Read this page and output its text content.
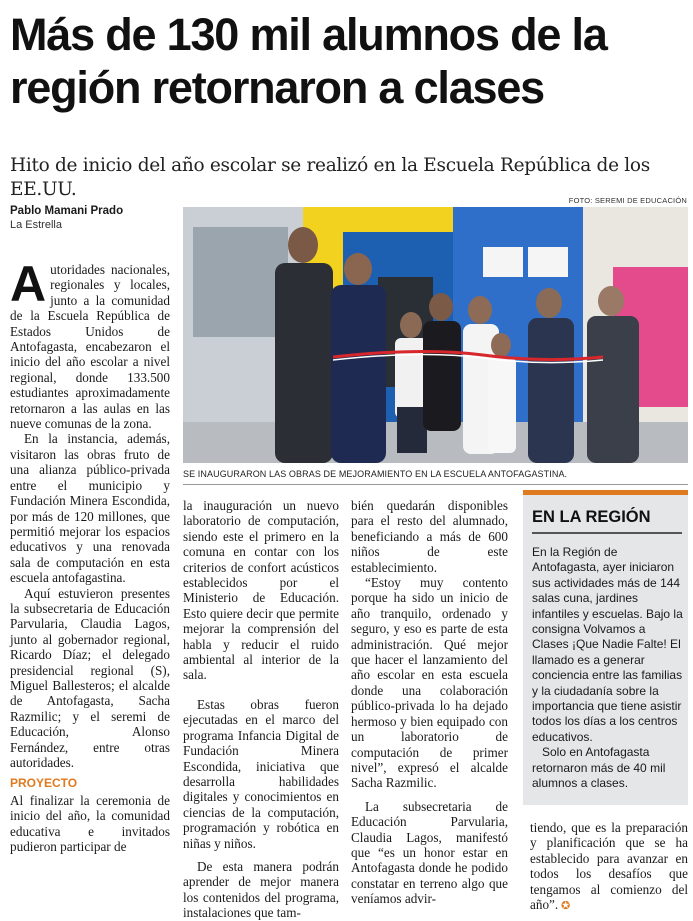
Más de 130 mil alumnos de la región retornaron a clases

Hito de inicio del año escolar se realizó en la Escuela República de los EE.UU.

Pablo Mamani Prado
La Estrella
FOTO: SEREMI DE EDUCACIÓN
SE INAUGURARON LAS OBRAS DE MEJORAMIENTO EN LA ESCUELA ANTOFAGASTINA.

Autoridades nacionales, regionales y locales, junto a la comunidad de la Escuela República de Estados Unidos de Antofagasta, encabezaron el inicio del año escolar a nivel regional, donde 133.500 estudiantes aproximadamente retornaron a las aulas en las nueve comunas de la zona.

En la instancia, además, visitaron las obras fruto de una alianza público-privada entre el municipio y Fundación Minera Escondida, por más de 120 millones, que permitió mejorar los espacios educativos y una renovada sala de computación en esta escuela antofagastina.

Aquí estuvieron presentes la subsecretaria de Educación Parvularia, Claudia Lagos, junto al gobernador regional, Ricardo Díaz; el delegado presidencial regional (S), Miguel Ballesteros; el alcalde de Antofagasta, Sacha Razmilic; y el seremi de Educación, Alonso Fernández, entre otras autoridades.

PROYECTO

Al finalizar la ceremonia de inicio del año, la comunidad educativa e invitados pudieron participar de

la inauguración un nuevo laboratorio de computación, siendo este el primero en la comuna en contar con los criterios de confort acústicos establecidos por el Ministerio de Educación. Esto quiere decir que permite mejorar la comprensión del habla y reducir el ruido ambiental al interior de la sala.

Estas obras fueron ejecutadas en el marco del programa Infancia Digital de Fundación Minera Escondida, iniciativa que desarrolla habilidades digitales y conocimientos en ciencias de la computación, programación y robótica en niñas y niños.

De esta manera podrán aprender de mejor manera los contenidos del programa, instalaciones que tam-

bién quedarán disponibles para el resto del alumnado, beneficiando a más de 600 niños de este establecimiento.

“Estoy muy contento porque ha sido un inicio de año tranquilo, ordenado y seguro, y eso es parte de esta administración. Qué mejor que hacer el lanzamiento del año escolar en esta escuela donde una colaboración público-privada lo ha dejado hermoso y bien equipado con un laboratorio de computación de primer nivel”, expresó el alcalde Sacha Razmilic.

La subsecretaria de Educación Parvularia, Claudia Lagos, manifestó que “es un honor estar en Antofagasta donde he podido constatar en terreno algo que veníamos advir-

EN LA REGIÓN

En la Región de Antofagasta, ayer iniciaron sus actividades más de 144 salas cuna, jardines infantiles y escuelas. Bajo la consigna Volvamos a Clases ¡Que Nadie Falte! El llamado es a generar conciencia entre las familias y la ciudadanía sobre la importancia que tiene asistir todos los días a los centros educativos.

Solo en Antofagasta retornaron más de 40 mil alumnos a clases.

tiendo, que es la preparación y planificación que se ha establecido para avanzar en todos los desafíos que tengamos al comienzo del año”. ✪
